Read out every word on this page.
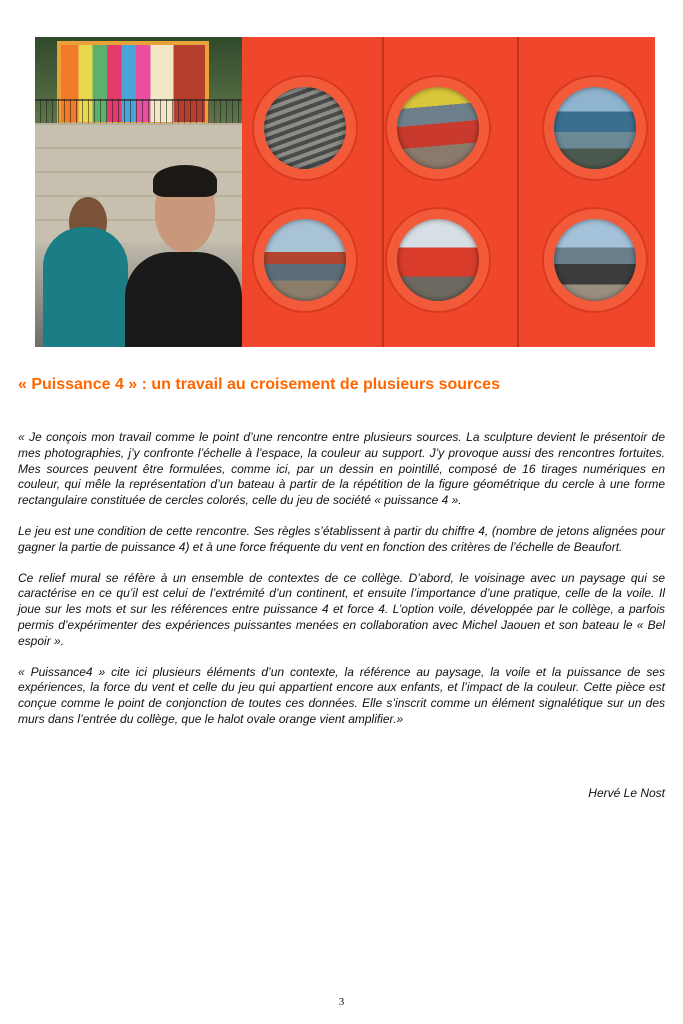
« Puissance 4 » : un travail au croisement de plusieurs sources

« Je conçois mon travail comme le point d’une rencontre entre plusieurs sources. La sculpture devient le présentoir de mes photographies, j’y confronte l’échelle à l’espace, la couleur au support. J’y provoque aussi des rencontres fortuites. Mes sources peuvent être formulées, comme ici, par un dessin en pointillé, composé de 16 tirages numériques en couleur, qui mêle la représentation d’un bateau à partir de la répétition de la figure géométrique du cercle à une forme rectangulaire constituée de cercles colorés, celle du jeu de société « puissance 4 ».

Le jeu est une condition de cette rencontre. Ses règles s’établissent à partir du chiffre 4, (nombre de jetons alignées pour gagner la partie de puissance 4) et à une force fréquente du vent en fonction des critères de l’échelle de Beaufort.

Ce relief mural se réfère à un ensemble de contextes de ce collège. D’abord, le voisinage avec un paysage qui se caractérise en ce qu’il est celui de l’extrémité d’un continent, et ensuite l’importance d’une pratique, celle de la voile. Il joue sur les mots et sur les références entre puissance 4 et force 4. L’option voile, développée par le collège, a parfois permis d’expérimenter des expériences puissantes menées en collaboration avec Michel Jaouen et son bateau le « Bel espoir ».

« Puissance4 » cite ici plusieurs éléments d’un contexte, la référence au paysage, la voile et la puissance de ses expériences, la force du vent et celle du jeu qui appartient encore aux enfants, et l’impact de la couleur. Cette pièce est conçue comme le point de conjonction de toutes ces données. Elle s’inscrit comme un élément signalétique sur un des murs dans l’entrée du collège, que le halot ovale orange vient amplifier.»

Hervé Le Nost

3
